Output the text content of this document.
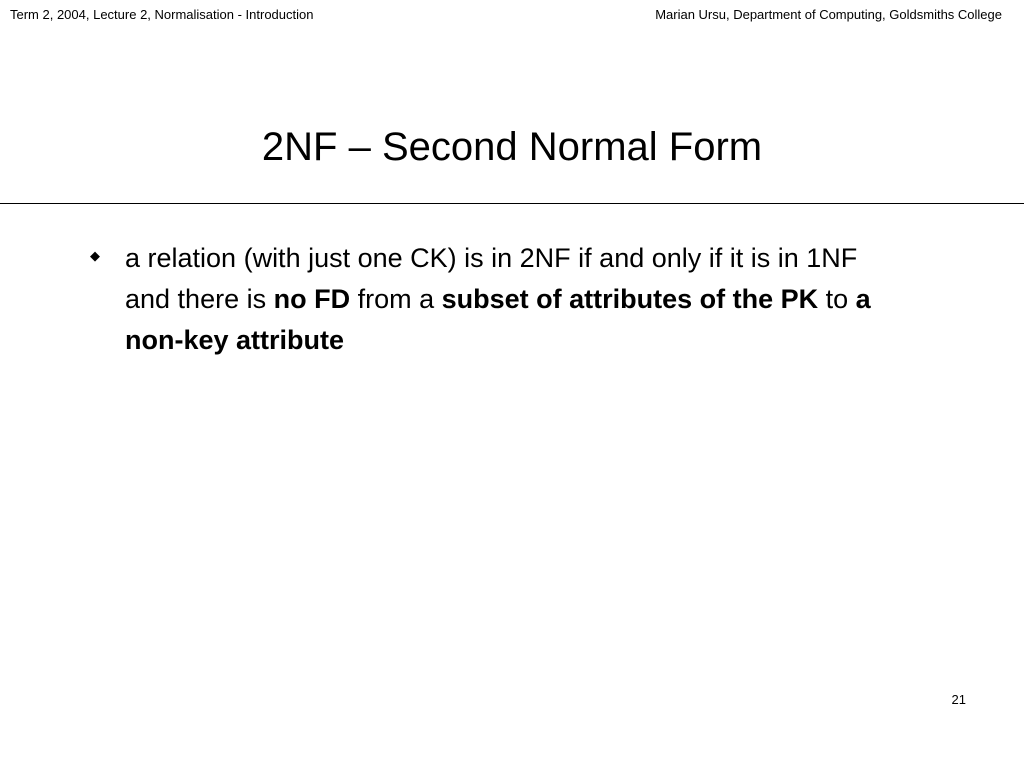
Term 2, 2004, Lecture 2, Normalisation - Introduction	Marian Ursu, Department of Computing, Goldsmiths College
2NF – Second Normal Form
◆ a relation (with just one CK) is in 2NF if and only if it is in 1NF and there is no FD from a subset of attributes of the PK to a non-key attribute
21
